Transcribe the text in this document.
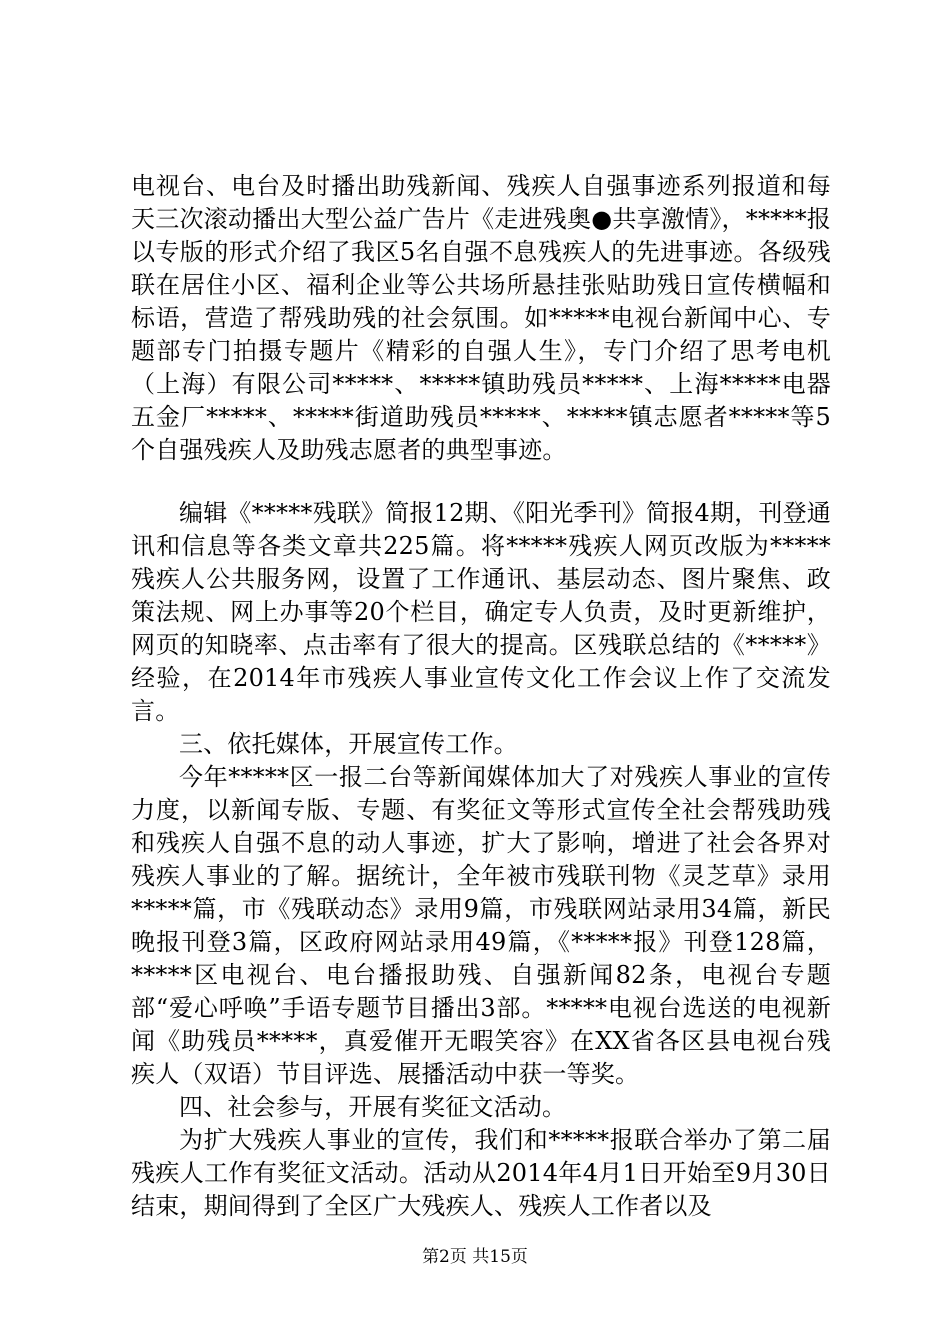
电视台、电台及时播出助残新闻、残疾人自强事迹系列报道和每天三次滚动播出大型公益广告片《走进残奥●共享激情》，*****报以专版的形式介绍了我区5名自强不息残疾人的先进事迹。各级残联在居住小区、福利企业等公共场所悬挂张贴助残日宣传横幅和标语，营造了帮残助残的社会氛围。如*****电视台新闻中心、专题部专门拍摄专题片《精彩的自强人生》，专门介绍了思考电机（上海）有限公司*****、*****镇助残员*****、上海*****电器五金厂*****、*****街道助残员*****、*****镇志愿者*****等5个自强残疾人及助残志愿者的典型事迹。

编辑《*****残联》简报12期、《阳光季刊》简报4期，刊登通讯和信息等各类文章共225篇。将*****残疾人网页改版为*****残疾人公共服务网，设置了工作通讯、基层动态、图片聚焦、政策法规、网上办事等20个栏目，确定专人负责，及时更新维护，网页的知晓率、点击率有了很大的提高。区残联总结的《*****》经验，在2014年市残疾人事业宣传文化工作会议上作了交流发言。

三、依托媒体，开展宣传工作。

今年*****区一报二台等新闻媒体加大了对残疾人事业的宣传力度，以新闻专版、专题、有奖征文等形式宣传全社会帮残助残和残疾人自强不息的动人事迹，扩大了影响，增进了社会各界对残疾人事业的了解。据统计，全年被市残联刊物《灵芝草》录用*****篇，市《残联动态》录用9篇，市残联网站录用34篇，新民晚报刊登3篇，区政府网站录用49篇，《*****报》刊登128篇，*****区电视台、电台播报助残、自强新闻82条，电视台专题部“爱心呼唤”手语专题节目播出3部。*****电视台选送的电视新闻《助残员*****，真爱催开无暇笑容》在XX省各区县电视台残疾人（双语）节目评选、展播活动中获一等奖。

四、社会参与，开展有奖征文活动。

为扩大残疾人事业的宣传，我们和*****报联合举办了第二届残疾人工作有奖征文活动。活动从2014年4月1日开始至9月30日结束，期间得到了全区广大残疾人、残疾人工作者以及

第2页 共15页
